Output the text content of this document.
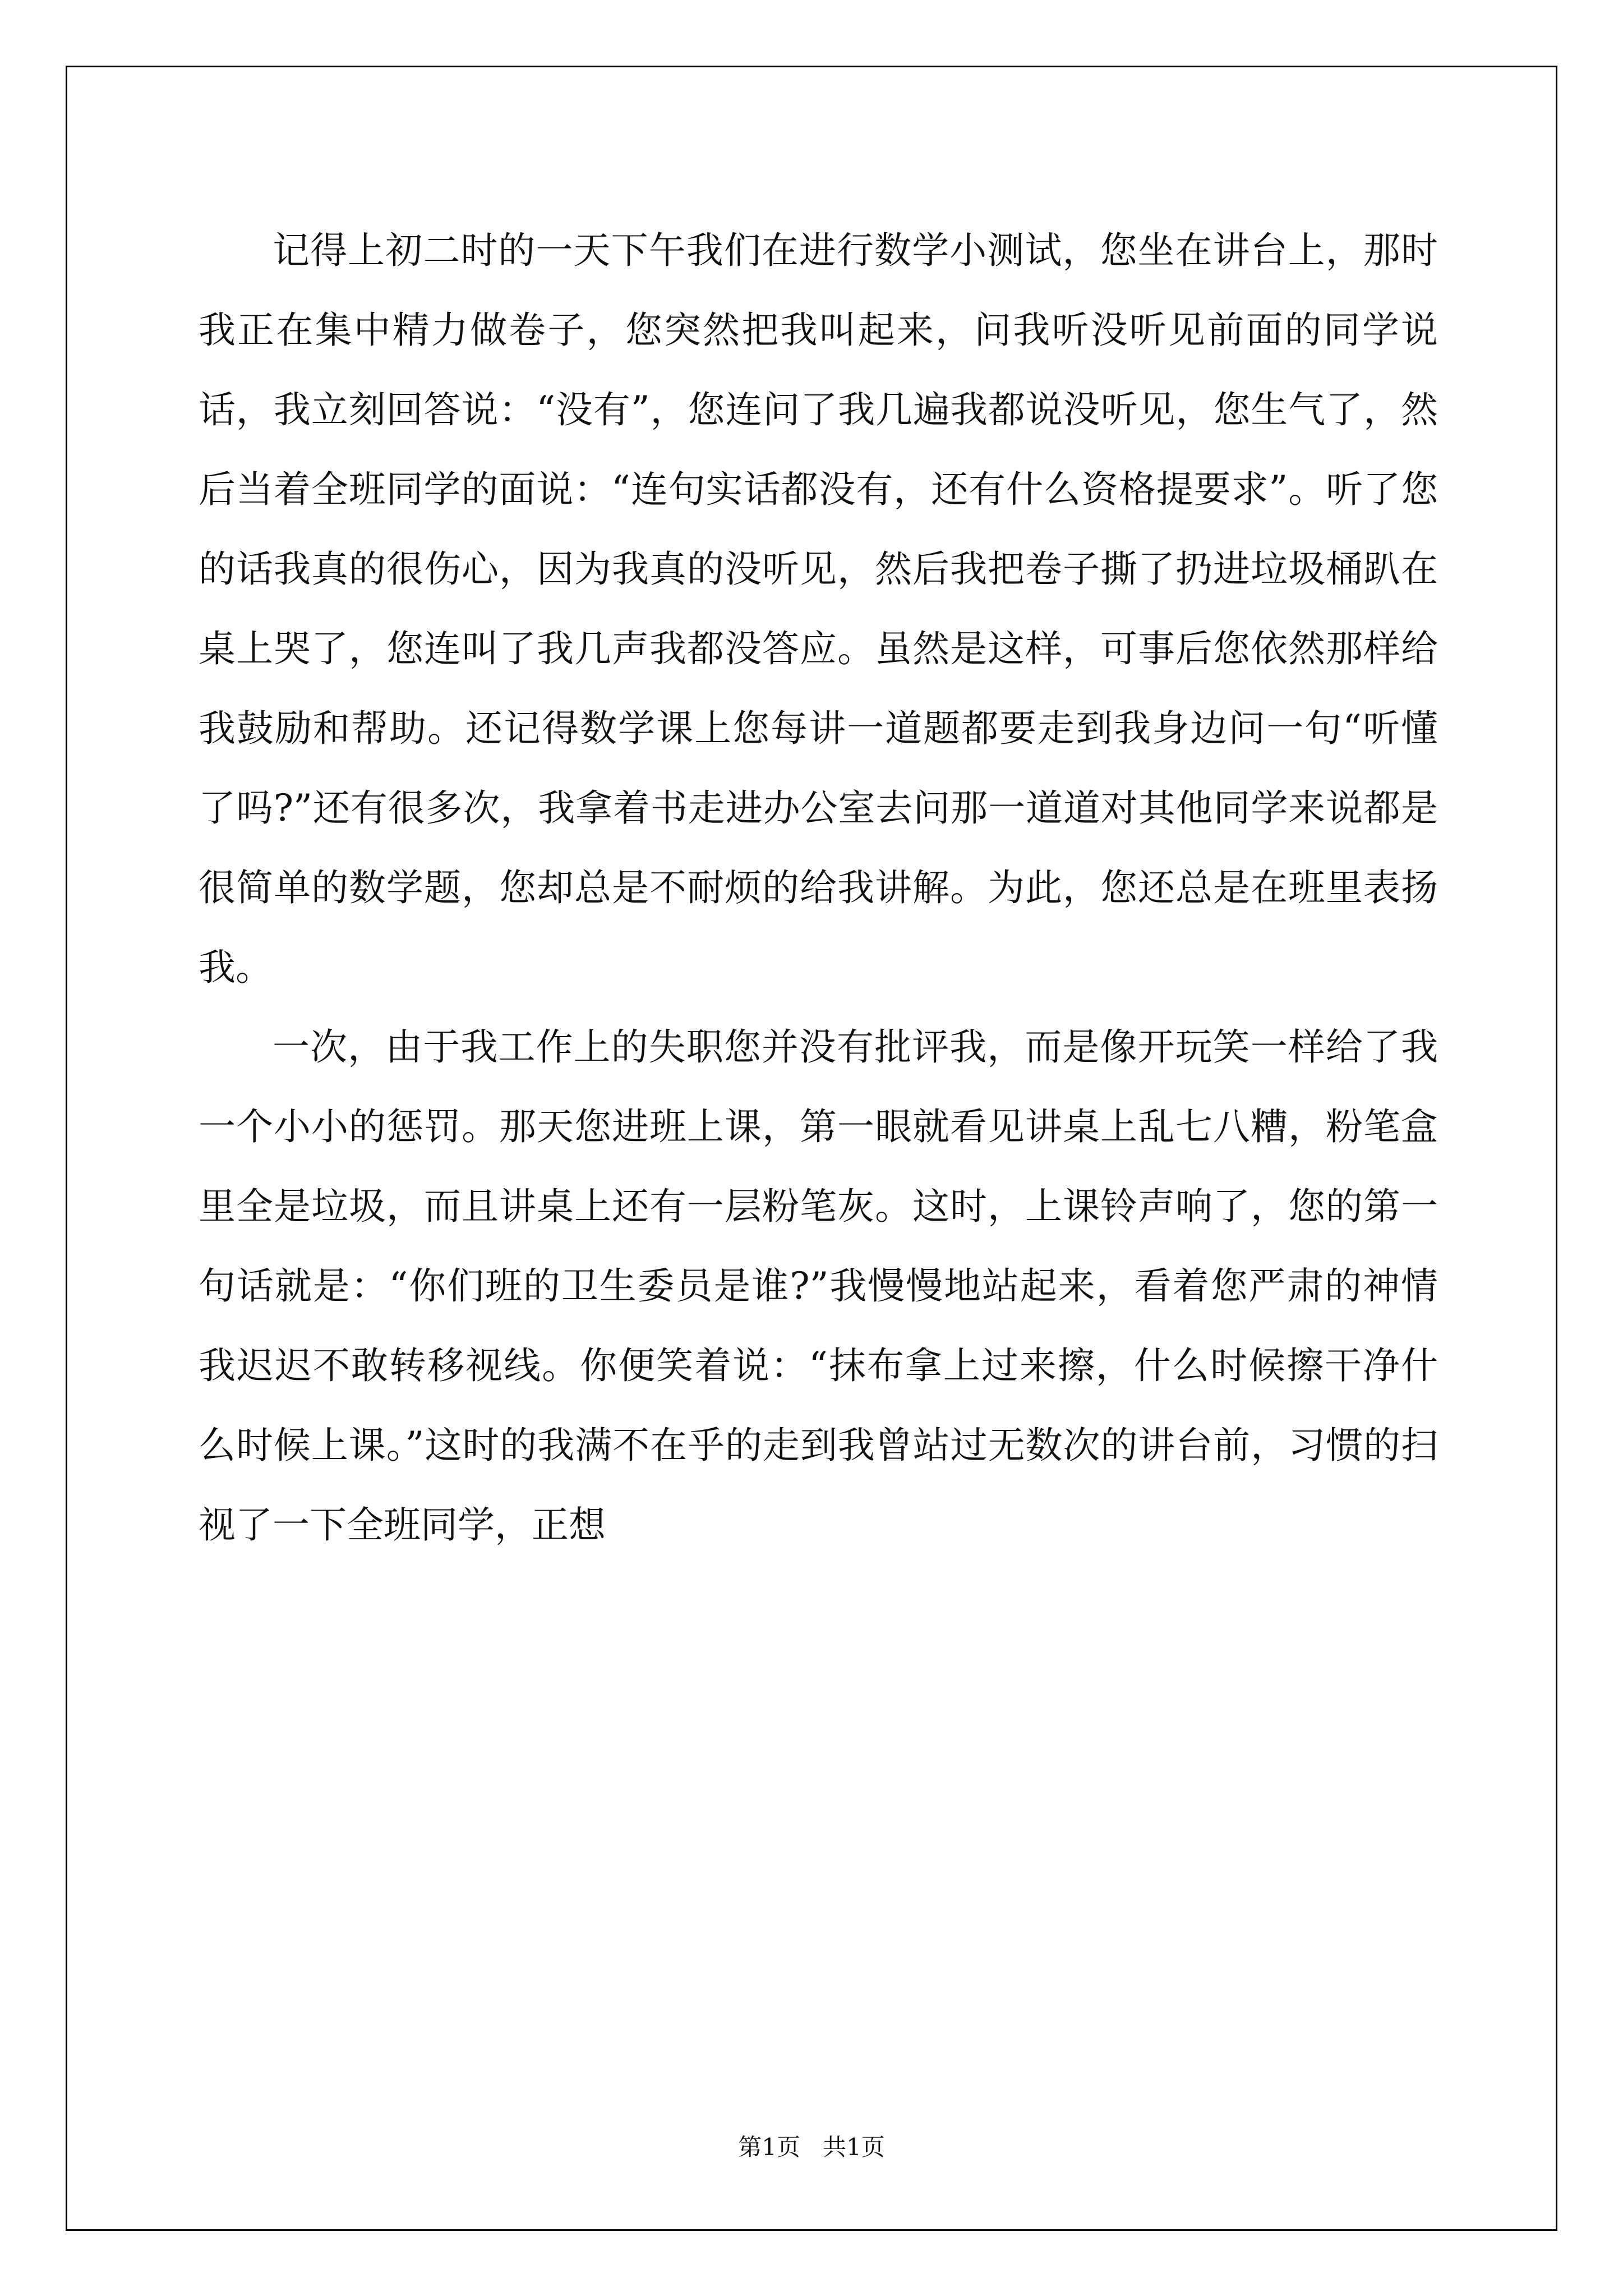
记得上初二时的一天下午我们在进行数学小测试，您坐在讲台上，那时我正在集中精力做卷子，您突然把我叫起来，问我听没听见前面的同学说话，我立刻回答说：“没有”，您连问了我几遍我都说没听见，您生气了，然后当着全班同学的面说：“连句实话都没有，还有什么资格提要求”。听了您的话我真的很伤心，因为我真的没听见，然后我把卷子撕了扔进垃圾桶趴在桌上哭了，您连叫了我几声我都没答应。虽然是这样，可事后您依然那样给我鼓励和帮助。还记得数学课上您每讲一道题都要走到我身边问一句“听懂了吗?”还有很多次，我拿着书走进办公室去问那一道道对其他同学来说都是很简单的数学题，您却总是不耐烦的给我讲解。为此，您还总是在班里表扬我。

一次，由于我工作上的失职您并没有批评我，而是像开玩笑一样给了我一个小小的惩罚。那天您进班上课，第一眼就看见讲桌上乱七八糟，粉笔盒里全是垃圾，而且讲桌上还有一层粉笔灰。这时，上课铃声响了，您的第一句话就是：“你们班的卫生委员是谁?”我慢慢地站起来，看着您严肃的神情我迟迟不敢转移视线。你便笑着说：“抹布拿上过来擦，什么时候擦干净什么时候上课。”这时的我满不在乎的走到我曾站过无数次的讲台前，习惯的扫视了一下全班同学，正想

第1页   共1页
